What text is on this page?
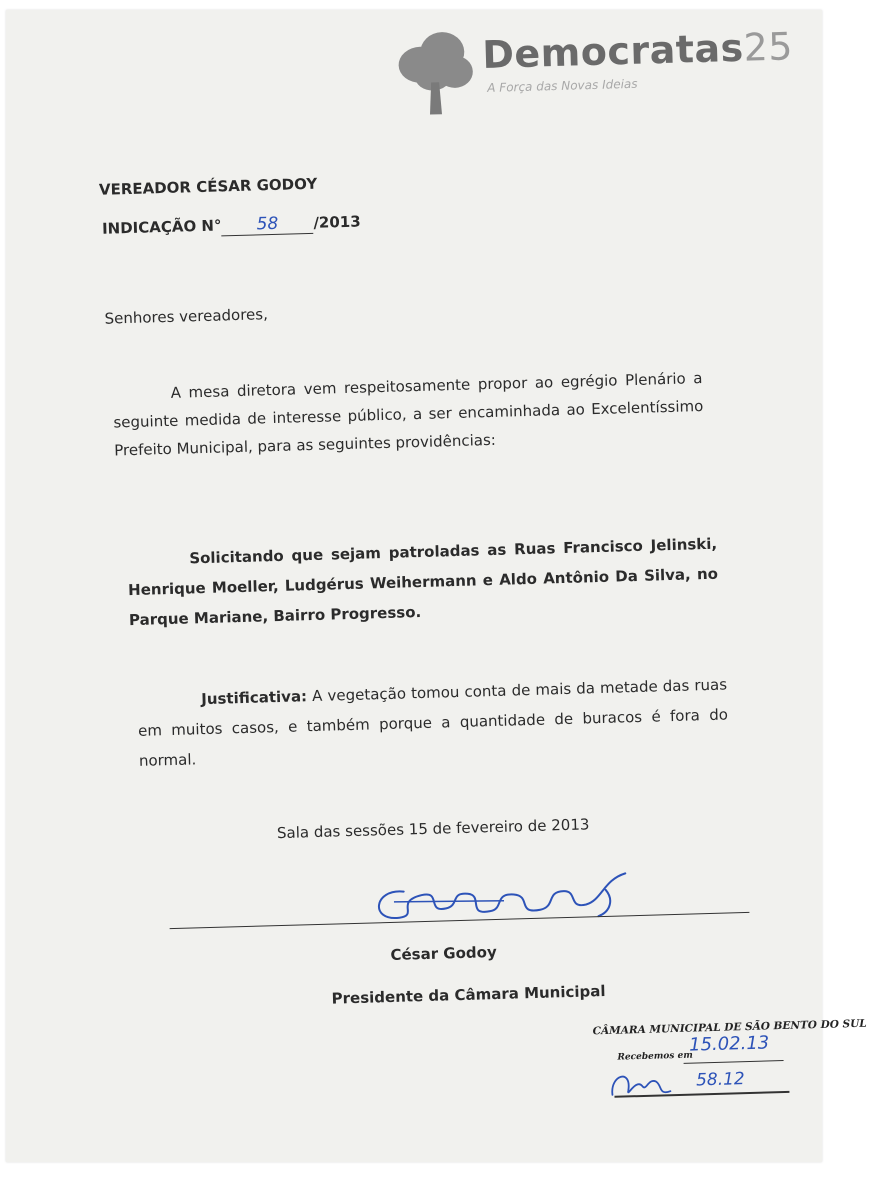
Democratas25
A Força das Novas Ideias
VEREADOR CÉSAR GODOY
INDICAÇÃO N° 58 /2013
Senhores vereadores,
A mesa diretora vem respeitosamente propor ao egrégio Plenário a seguinte medida de interesse público, a ser encaminhada ao Excelentíssimo Prefeito Municipal, para as seguintes providências:
Solicitando que sejam patroladas as Ruas Francisco Jelinski, Henrique Moeller, Ludgérus Weihermann e Aldo Antônio Da Silva, no Parque Mariane, Bairro Progresso.
Justificativa: A vegetação tomou conta de mais da metade das ruas em muitos casos, e também porque a quantidade de buracos é fora do normal.
Sala das sessões 15 de fevereiro de 2013
César Godoy
Presidente da Câmara Municipal
CÂMARA MUNICIPAL DE SÃO BENTO DO SUL
Recebemos em
15.02.13
58.12
